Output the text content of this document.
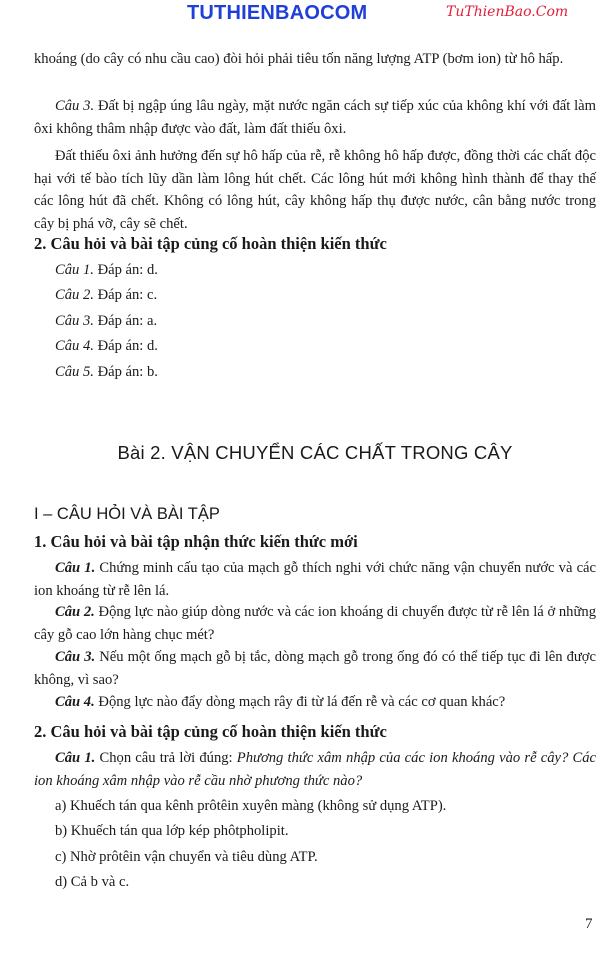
TUTHIENBAOCOM	TuThienBao.Com

khoáng (do cây có nhu cầu cao) đòi hỏi phải tiêu tốn năng lượng ATP (bơm ion) từ hô hấp.

Câu 3. Đất bị ngập úng lâu ngày, mặt nước ngăn cách sự tiếp xúc của không khí với đất làm ôxi không thâm nhập được vào đất, làm đất thiếu ôxi.

Đất thiếu ôxi ảnh hưởng đến sự hô hấp của rễ, rễ không hô hấp được, đồng thời các chất độc hại với tế bào tích lũy dần làm lông hút chết. Các lông hút mới không hình thành để thay thế các lông hút đã chết. Không có lông hút, cây không hấp thụ được nước, cân bằng nước trong cây bị phá vỡ, cây sẽ chết.

2. Câu hỏi và bài tập củng cố hoàn thiện kiến thức
Câu 1. Đáp án: d.
Câu 2. Đáp án: c.
Câu 3. Đáp án: a.
Câu 4. Đáp án: d.
Câu 5. Đáp án: b.
Bài 2. VẬN CHUYỂN CÁC CHẤT TRONG CÂY
I – CÂU HỎI VÀ BÀI TẬP
1. Câu hỏi và bài tập nhận thức kiến thức mới

Câu 1. Chứng minh cấu tạo của mạch gỗ thích nghi với chức năng vận chuyển nước và các ion khoáng từ rễ lên lá.

Câu 2. Động lực nào giúp dòng nước và các ion khoáng di chuyển được từ rễ lên lá ở những cây gỗ cao lớn hàng chục mét?

Câu 3. Nếu một ống mạch gỗ bị tắc, dòng mạch gỗ trong ống đó có thể tiếp tục đi lên được không, vì sao?

Câu 4. Động lực nào đẩy dòng mạch rây đi từ lá đến rễ và các cơ quan khác?

2. Câu hỏi và bài tập củng cố hoàn thiện kiến thức

Câu 1. Chọn câu trả lời đúng: Phương thức xâm nhập của các ion khoáng vào rễ cây? Các ion khoáng xâm nhập vào rễ cầu nhờ phương thức nào?

a) Khuếch tán qua kênh prôtêin xuyên màng (không sử dụng ATP).
b) Khuếch tán qua lớp kép phôtpholipit.
c) Nhờ prôtêin vận chuyển và tiêu dùng ATP.
d) Cả b và c.
7
